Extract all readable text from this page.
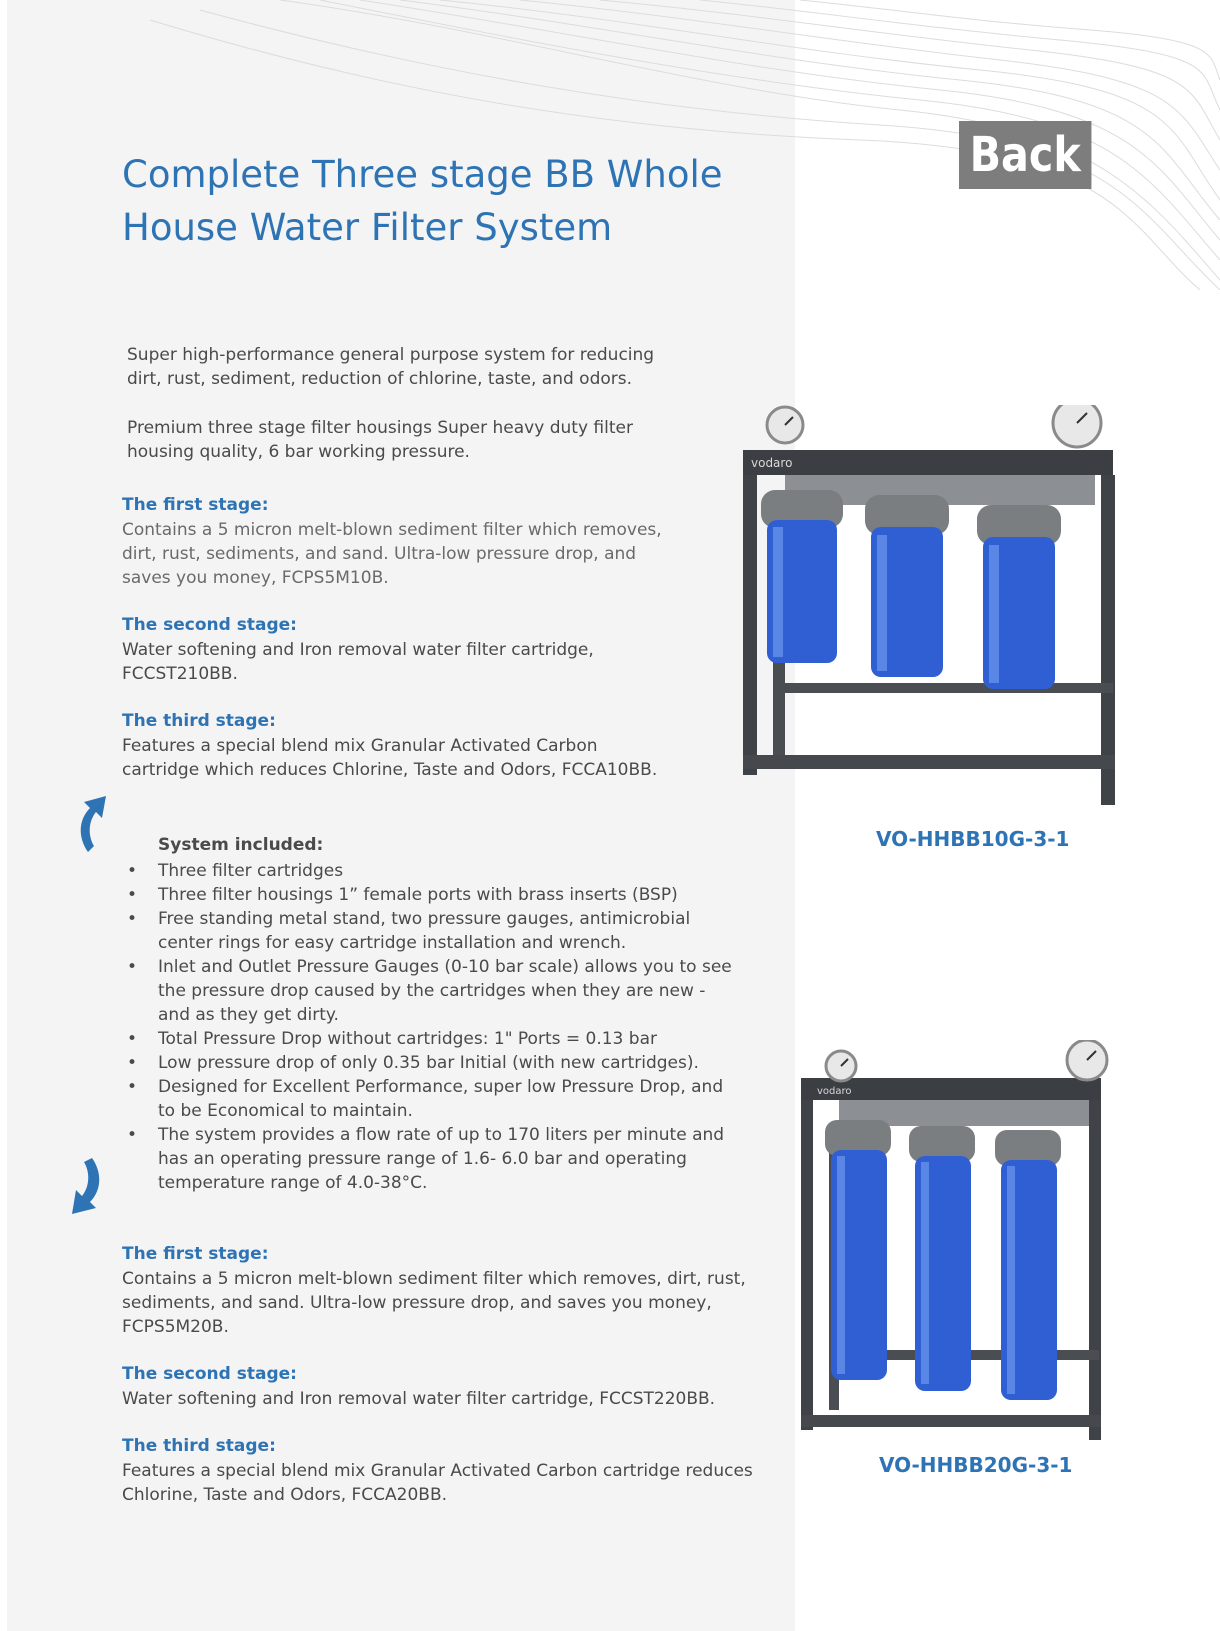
Back
Complete Three stage BB Whole
House Water Filter System
Super high-performance general purpose system for reducing
dirt, rust, sediment, reduction of chlorine, taste, and odors.
Premium three stage filter housings Super heavy duty filter
housing quality, 6 bar working pressure.
The first stage:
Contains a 5 micron melt-blown sediment filter which removes,
dirt, rust, sediments, and sand. Ultra-low pressure drop, and
saves you money, FCPS5M10B.
The second stage:
Water softening and Iron removal water filter cartridge,
FCCST210BB.
The third stage:
Features a special blend mix Granular Activated Carbon
cartridge which reduces Chlorine, Taste and Odors, FCCA10BB.
System included:
• Three filter cartridges
• Three filter housings 1” female ports with brass inserts (BSP)
• Free standing metal stand, two pressure gauges, antimicrobial center rings for easy cartridge installation and wrench.
• Inlet and Outlet Pressure Gauges (0-10 bar scale) allows you to see the pressure drop caused by the cartridges when they are new - and as they get dirty.
• Total Pressure Drop without cartridges: 1" Ports = 0.13 bar
• Low pressure drop of only 0.35 bar Initial (with new cartridges).
• Designed for Excellent Performance, super low Pressure Drop, and to be Economical to maintain.
• The system provides a flow rate of up to 170 liters per minute and has an operating pressure range of 1.6- 6.0 bar and operating temperature range of 4.0-38°C.
The first stage:
Contains a 5 micron melt-blown sediment filter which removes, dirt, rust,
sediments, and sand. Ultra-low pressure drop, and saves you money,
FCPS5M20B.
The second stage:
Water softening and Iron removal water filter cartridge, FCCST220BB.
The third stage:
Features a special blend mix Granular Activated Carbon cartridge reduces
Chlorine, Taste and Odors, FCCA20BB.
vodaro
VO-HHBB10G-3-1
vodaro
VO-HHBB20G-3-1
